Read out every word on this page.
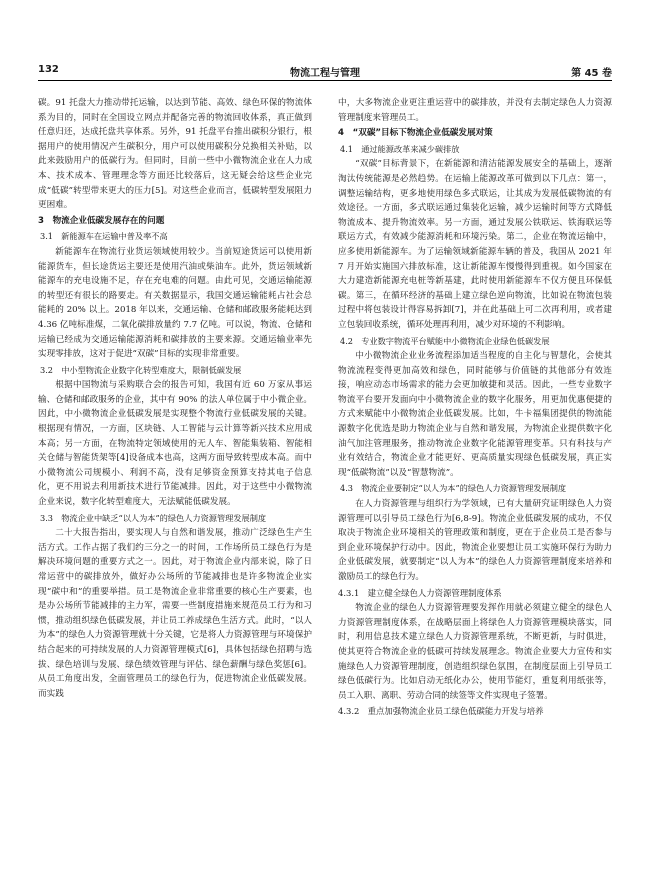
132	物流工程与管理	第 45 卷

碳。91 托盘大力推动带托运输，以达到节能、高效、绿色环保的物流体系为目的，同时在全国设立网点并配备完善的物流回收体系，真正做到任意归还，达成托盘共享体系。另外，91 托盘平台推出碳积分银行，根据用户的使用情况产生碳积分，用户可以使用碳积分兑换相关补贴，以此来鼓励用户的低碳行为。但同时，目前一些中小微物流企业在人力成本、技术成本、管理理念等方面还比较落后，这无疑会给这些企业完成“低碳”转型带来更大的压力[5]。对这些企业而言，低碳转型发展阻力更困难。

3　物流企业低碳发展存在的问题
3.1　新能源车在运输中普及率不高

新能源车在物流行业货运领域使用较少。当前短途货运可以使用新能源货车，但长途货运主要还是使用汽油或柴油车。此外，货运领域新能源车的充电设施不足，存在充电难的问题。由此可见，交通运输能源的转型还有很长的路要走。有关数据显示，我国交通运输能耗占社会总能耗的 20% 以上。2018 年以来，交通运输、仓储和邮政服务能耗达到 4.36 亿吨标准煤，二氧化碳排放量约 7.7 亿吨。可以说，物流、仓储和运输已经成为交通运输能源消耗和碳排放的主要来源。交通运输业率先实现零排放，这对于促进“双碳”目标的实现非常重要。

3.2　中小型物流企业数字化转型难度大，限制低碳发展

根据中国物流与采购联合会的报告可知，我国有近 60 万家从事运输、仓储和邮政服务的企业，其中有 90% 的法人单位属于中小微企业。因此，中小微物流企业低碳发展是实现整个物流行业低碳发展的关键。根据现有情况，一方面，区块链、人工智能与云计算等新兴技术应用成本高；另一方面，在物流特定领域使用的无人车、智能集装箱、智能相关仓储与智能货架等[4]设备成本也高，这两方面导致转型成本高。而中小微物流公司规模小、利润不高，没有足够资金预算支持其电子信息化，更不用说去利用新技术进行节能减排。因此，对于这些中小微物流企业来说，数字化转型难度大，无法赋能低碳发展。

3.3　物流企业中缺乏“以人为本”的绿色人力资源管理发展制度

二十大报告指出，要实现人与自然和谐发展，推动广泛绿色生产生活方式。工作占据了我们约三分之一的时间，工作场所员工绿色行为是解决环境问题的重要方式之一。因此，对于物流企业内部来说，除了日常运营中的碳排放外，做好办公场所的节能减排也是许多物流企业实现“碳中和”的重要举措。员工是物流企业非常重要的核心生产要素，也是办公场所节能减排的主力军，需要一些制度措施来规范员工行为和习惯，推动组织绿色低碳发展，并让员工养成绿色生活方式。此时，“以人为本”的绿色人力资源管理就十分关键，它是将人力资源管理与环境保护结合起来的可持续发展的人力资源管理模式[6]，具体包括绿色招聘与选拔、绿色培训与发展、绿色绩效管理与评估、绿色薪酬与绿色奖惩[6]。从员工角度出发，全面管理员工的绿色行为，促进物流企业低碳发展。而实践

中，大多物流企业更注重运营中的碳排放，并没有去制定绿色人力资源管理制度来管理员工。

4　“双碳”目标下物流企业低碳发展对策
4.1　通过能源改革来减少碳排放

“双碳”目标背景下，在新能源和清洁能源发展安全的基础上，逐渐淘汰传统能源是必然趋势。在运输上能源改革可做到以下几点：第一，调整运输结构，更多地使用绿色多式联运，让其成为发展低碳物流的有效途径。一方面，多式联运通过集装化运输，减少运输时间等方式降低物流成本、提升物流效率。另一方面，通过发展公铁联运、铁海联运等联运方式，有效减少能源消耗和环境污染。第二，企业在物流运输中，应多使用新能源车。为了运输领域新能源车辆的普及，我国从 2021 年 7 月开始实施国六排放标准，这让新能源车慢慢得到重视。如今国家在大力建造新能源充电桩等新基建，此时使用新能源车不仅方便且环保低碳。第三，在循环经济的基础上建立绿色逆向物流，比如说在物流包装过程中将包装设计得容易拆卸[7]，并在此基础上可二次再利用，或者建立包装回收系统，循环处理再利用，减少对环境的不利影响。

4.2　专业数字物流平台赋能中小微物流企业绿色低碳发展

中小微物流企业业务流程添加适当程度的自主化与智慧化，会使其物流流程变得更加高效和绿色，同时能够与价值链的其他部分有效连接，响应动态市场需求的能力会更加敏捷和灵活。因此，一些专业数字物流平台要开发面向中小微物流企业的数字化服务，用更加优惠便捷的方式来赋能中小微物流企业低碳发展。比如，牛卡福集团提供的物流能源数字化优选是助力物流企业与自然和谐发展，为物流企业提供数字化油气加注管理服务，推动物流企业数字化能源管理变革。只有科技与产业有效结合，物流企业才能更好、更高质量实现绿色低碳发展，真正实现“低碳物流”以及“智慧物流”。

4.3　物流企业要制定“以人为本”的绿色人力资源管理发展制度

在人力资源管理与组织行为学领域，已有大量研究证明绿色人力资源管理可以引导员工绿色行为[6,8-9]。物流企业低碳发展的成功，不仅取决于物流企业环境相关的管理政策和制度，更在于企业员工是否参与到企业环境保护行动中。因此，物流企业要想让员工实施环保行为助力企业低碳发展，就要制定“以人为本”的绿色人力资源管理制度来培养和激励员工的绿色行为。

4.3.1　建立健全绿色人力资源管理制度体系

物流企业的绿色人力资源管理要发挥作用就必须建立健全的绿色人力资源管理制度体系，在战略层面上将绿色人力资源管理模块落实，同时，利用信息技术建立绿色人力资源管理系统，不断更新，与时俱进，使其更符合物流企业的低碳可持续发展理念。物流企业要大力宣传和实施绿色人力资源管理制度，创造组织绿色氛围，在制度层面上引导员工绿色低碳行为。比如启动无纸化办公，使用节能灯，重复利用纸张等，员工入职、离职、劳动合同的续签等文件实现电子签署。

4.3.2　重点加强物流企业员工绿色低碳能力开发与培养
